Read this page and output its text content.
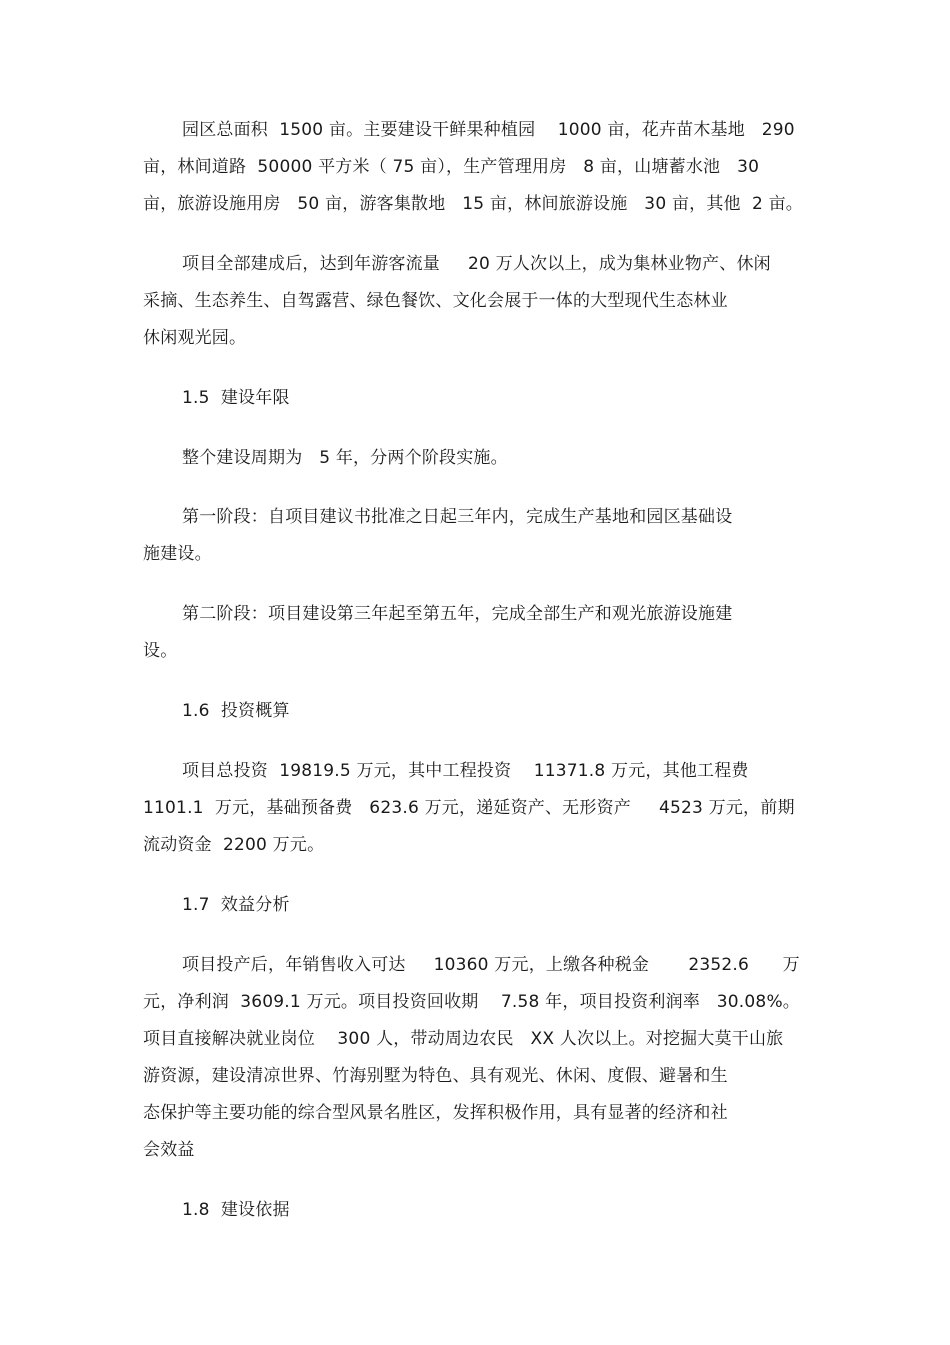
园区总面积  1500 亩。主要建设干鲜果种植园    1000 亩，花卉苗木基地   290
亩，林间道路  50000 平方米（ 75 亩），生产管理用房   8 亩，山塘蓄水池   30
亩，旅游设施用房   50 亩，游客集散地   15 亩，林间旅游设施   30 亩，其他  2 亩。
项目全部建成后，达到年游客流量     20 万人次以上，成为集林业物产、休闲
采摘、生态养生、自驾露营、绿色餐饮、文化会展于一体的大型现代生态林业
休闲观光园。
1.5  建设年限
整个建设周期为   5 年，分两个阶段实施。
第一阶段：自项目建议书批准之日起三年内，完成生产基地和园区基础设
施建设。
第二阶段：项目建设第三年起至第五年，完成全部生产和观光旅游设施建
设。
1.6  投资概算
项目总投资  19819.5 万元，其中工程投资    11371.8 万元，其他工程费
1101.1  万元，基础预备费   623.6 万元，递延资产、无形资产     4523 万元，前期
流动资金  2200 万元。
1.7  效益分析
项目投产后，年销售收入可达     10360 万元，上缴各种税金       2352.6      万
元，净利润  3609.1 万元。项目投资回收期    7.58 年，项目投资利润率   30.08%。
项目直接解决就业岗位    300 人，带动周边农民   XX 人次以上。对挖掘大莫干山旅
游资源，建设清凉世界、竹海别墅为特色、具有观光、休闲、度假、避暑和生
态保护等主要功能的综合型风景名胜区，发挥积极作用，具有显著的经济和社
会效益
1.8  建设依据
